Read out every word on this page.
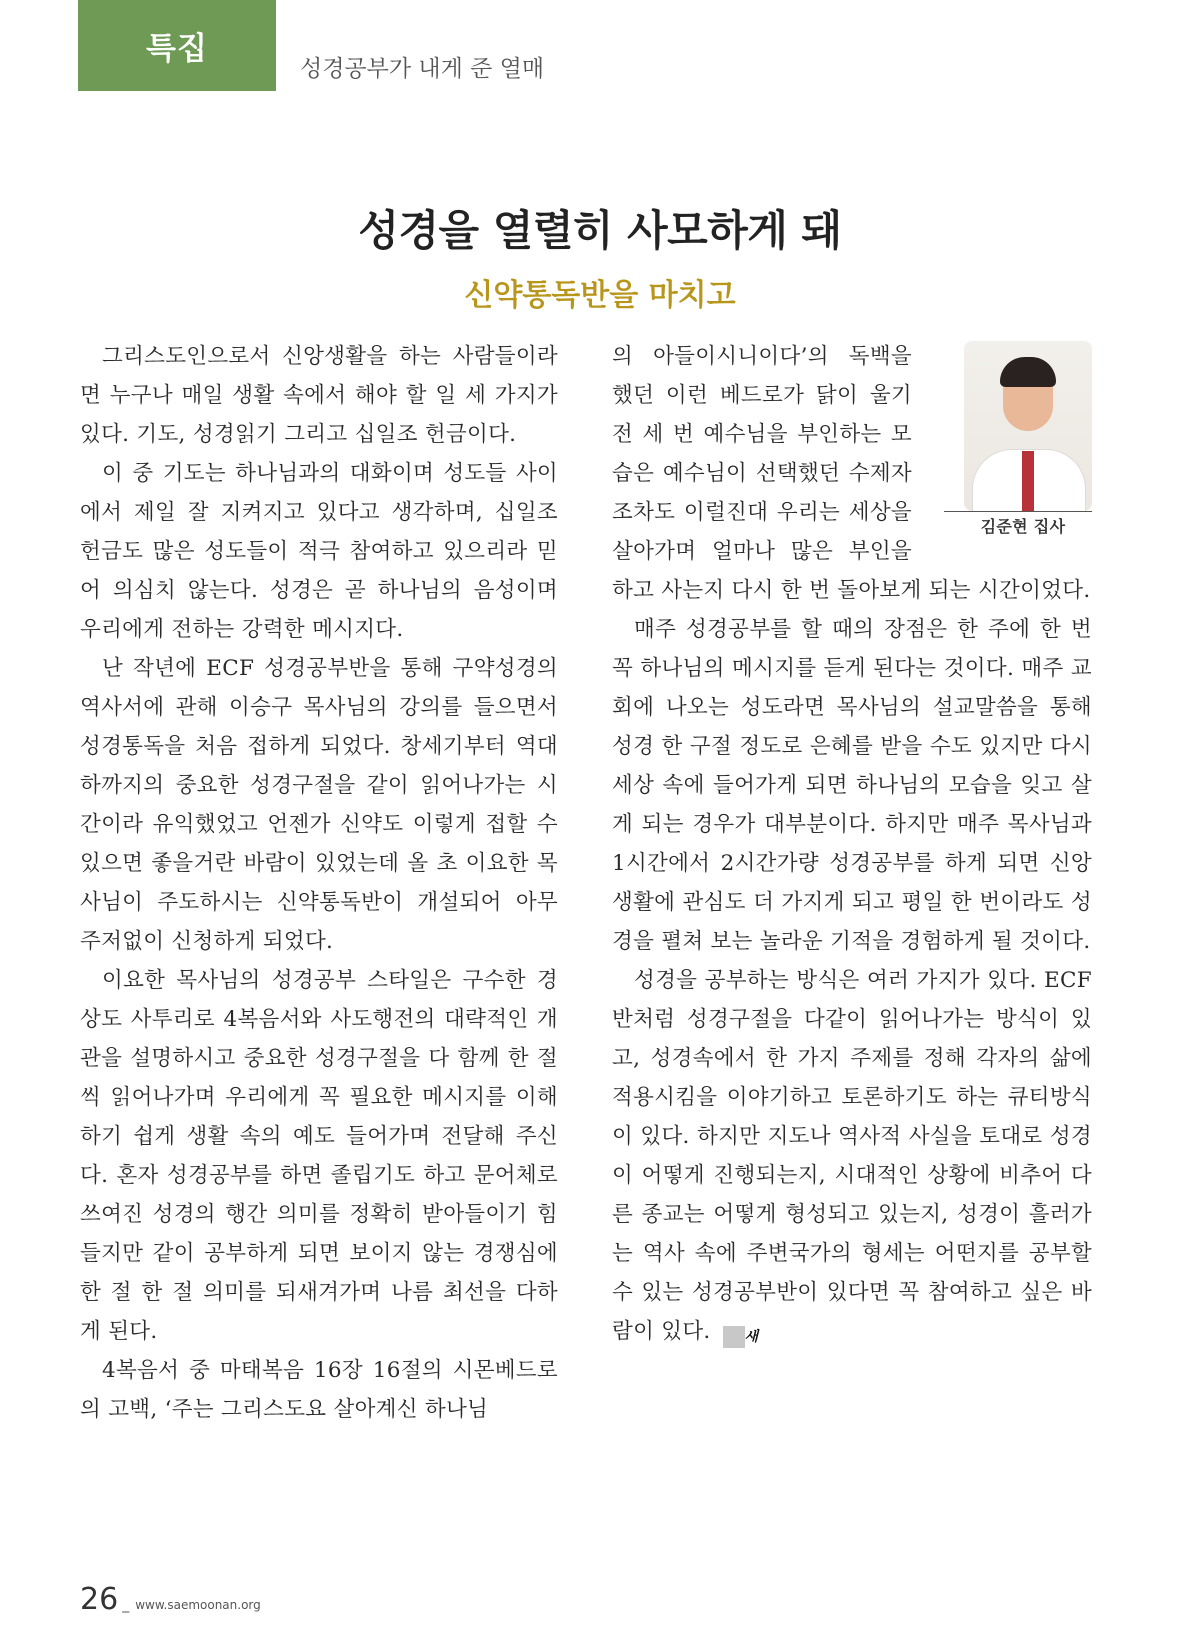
특집
성경공부가 내게 준 열매
성경을 열렬히 사모하게 돼
신약통독반을 마치고

그리스도인으로서 신앙생활을 하는 사람들이라면 누구나 매일 생활 속에서 해야 할 일 세 가지가 있다. 기도, 성경읽기 그리고 십일조 헌금이다.

이 중 기도는 하나님과의 대화이며 성도들 사이에서 제일 잘 지켜지고 있다고 생각하며, 십일조 헌금도 많은 성도들이 적극 참여하고 있으리라 믿어 의심치 않는다. 성경은 곧 하나님의 음성이며 우리에게 전하는 강력한 메시지다.

난 작년에 ECF 성경공부반을 통해 구약성경의 역사서에 관해 이승구 목사님의 강의를 들으면서 성경통독을 처음 접하게 되었다. 창세기부터 역대하까지의 중요한 성경구절을 같이 읽어나가는 시간이라 유익했었고 언젠가 신약도 이렇게 접할 수 있으면 좋을거란 바람이 있었는데 올 초 이요한 목사님이 주도하시는 신약통독반이 개설되어 아무 주저없이 신청하게 되었다.

이요한 목사님의 성경공부 스타일은 구수한 경상도 사투리로 4복음서와 사도행전의 대략적인 개관을 설명하시고 중요한 성경구절을 다 함께 한 절씩 읽어나가며 우리에게 꼭 필요한 메시지를 이해하기 쉽게 생활 속의 예도 들어가며 전달해 주신다. 혼자 성경공부를 하면 졸립기도 하고 문어체로 쓰여진 성경의 행간 의미를 정확히 받아들이기 힘들지만 같이 공부하게 되면 보이지 않는 경쟁심에 한 절 한 절 의미를 되새겨가며 나름 최선을 다하게 된다.

4복음서 중 마태복음 16장 16절의 시몬베드로의 고백, ‘주는 그리스도요 살아계신 하나님

김준현 집사

의 아들이시니이다’의 독백을 했던 이런 베드로가 닭이 울기 전 세 번 예수님을 부인하는 모습은 예수님이 선택했던 수제자조차도 이럴진대 우리는 세상을 살아가며 얼마나 많은 부인을 하고 사는지 다시 한 번 돌아보게 되는 시간이었다.

매주 성경공부를 할 때의 장점은 한 주에 한 번 꼭 하나님의 메시지를 듣게 된다는 것이다. 매주 교회에 나오는 성도라면 목사님의 설교말씀을 통해 성경 한 구절 정도로 은혜를 받을 수도 있지만 다시 세상 속에 들어가게 되면 하나님의 모습을 잊고 살게 되는 경우가 대부분이다. 하지만 매주 목사님과 1시간에서 2시간가량 성경공부를 하게 되면 신앙생활에 관심도 더 가지게 되고 평일 한 번이라도 성경을 펼쳐 보는 놀라운 기적을 경험하게 될 것이다.

성경을 공부하는 방식은 여러 가지가 있다. ECF반처럼 성경구절을 다같이 읽어나가는 방식이 있고, 성경속에서 한 가지 주제를 정해 각자의 삶에 적용시킴을 이야기하고 토론하기도 하는 큐티방식이 있다. 하지만 지도나 역사적 사실을 토대로 성경이 어떻게 진행되는지, 시대적인 상황에 비추어 다른 종교는 어떻게 형성되고 있는지, 성경이 흘러가는 역사 속에 주변국가의 형세는 어떤지를 공부할 수 있는 성경공부반이 있다면 꼭 참여하고 싶은 바람이 있다. 새

26 _ www.saemoonan.org
